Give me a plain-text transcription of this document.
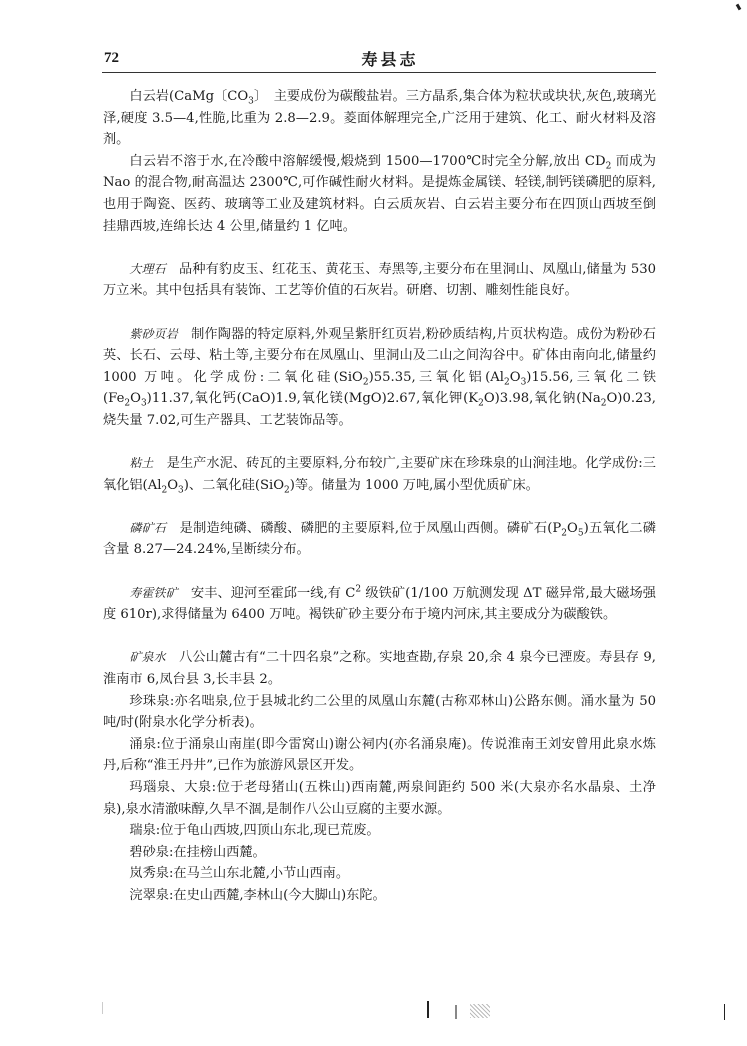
72	寿县志

白云岩(CaMg〔$CO_3$〕　主要成份为碳酸盐岩。三方晶系,集合体为粒状或块状,灰色,玻璃光泽,硬度 3.5—4,性脆,比重为 2.8—2.9。菱面体解理完全,广泛用于建筑、化工、耐火材料及溶剂。

白云岩不溶于水,在冷酸中溶解缓慢,煅烧到 1500—1700℃时完全分解,放出 $CD_2$ 而成为 Nao 的混合物,耐高温达 2300℃,可作碱性耐火材料。是提炼金属镁、轻镁,制钙镁磷肥的原料,也用于陶瓷、医药、玻璃等工业及建筑材料。白云质灰岩、白云岩主要分布在四顶山西坡至倒挂鼎西坡,连绵长达 4 公里,储量约 1 亿吨。

大理石　品种有豹皮玉、红花玉、黄花玉、寿黑等,主要分布在里洞山、凤凰山,储量为 530 万立米。其中包括具有装饰、工艺等价值的石灰岩。研磨、切割、雕刻性能良好。

紫砂页岩　制作陶器的特定原料,外观呈紫肝红页岩,粉砂质结构,片页状构造。成份为粉砂石英、长石、云母、粘土等,主要分布在凤凰山、里洞山及二山之间沟谷中。矿体由南向北,储量约 1000 万吨。化学成份:二氧化硅(SiO$_2$)55.35,三氧化铝$(Al_2O_3)15.56$,三氧化二铁$(Fe_2O_3)11.37$,氧化钙(CaO)1.9,氧化镁(MgO)2.67,氧化钾$(K_2O)3.98$,氧化钠$(Na_2O)0.23$,烧失量 7.02,可生产器具、工艺装饰品等。

粘土　是生产水泥、砖瓦的主要原料,分布较广,主要矿床在珍珠泉的山涧洼地。化学成份:三氧化铝$(Al_2O_3)$、二氧化硅(SiO$_2$)等。储量为 1000 万吨,属小型优质矿床。

磷矿石　是制造纯磷、磷酸、磷肥的主要原料,位于凤凰山西侧。磷矿石$(P_2O_5)$五氧化二磷含量 8.27—24.24%,呈断续分布。

寿霍铁矿　安丰、迎河至霍邱一线,有 $C^2$ 级铁矿(1/100 万航测发现 ΔT 磁异常,最大磁场强度 610r),求得储量为 6400 万吨。褐铁矿砂主要分布于境内河床,其主要成分为碳酸铁。

矿泉水　八公山麓古有“二十四名泉”之称。实地查勘,存泉 20,余 4 泉今已湮废。寿县存 9,淮南市 6,凤台县 3,长丰县 2。

珍珠泉:亦名咄泉,位于县城北约二公里的凤凰山东麓(古称邓林山)公路东侧。涌水量为 50 吨/时(附泉水化学分析表)。

涌泉:位于涌泉山南崖(即今雷窝山)谢公祠内(亦名涌泉庵)。传说淮南王刘安曾用此泉水炼丹,后称“淮王丹井”,已作为旅游风景区开发。

玛瑙泉、大泉:位于老母猪山(五株山)西南麓,两泉间距约 500 米(大泉亦名水晶泉、土净泉),泉水清澈味醇,久旱不涸,是制作八公山豆腐的主要水源。

瑞泉:位于龟山西坡,四顶山东北,现已荒废。

碧砂泉:在挂榜山西麓。

岚秀泉:在马兰山东北麓,小节山西南。

浣翠泉:在史山西麓,李林山(今大脚山)东陀。
